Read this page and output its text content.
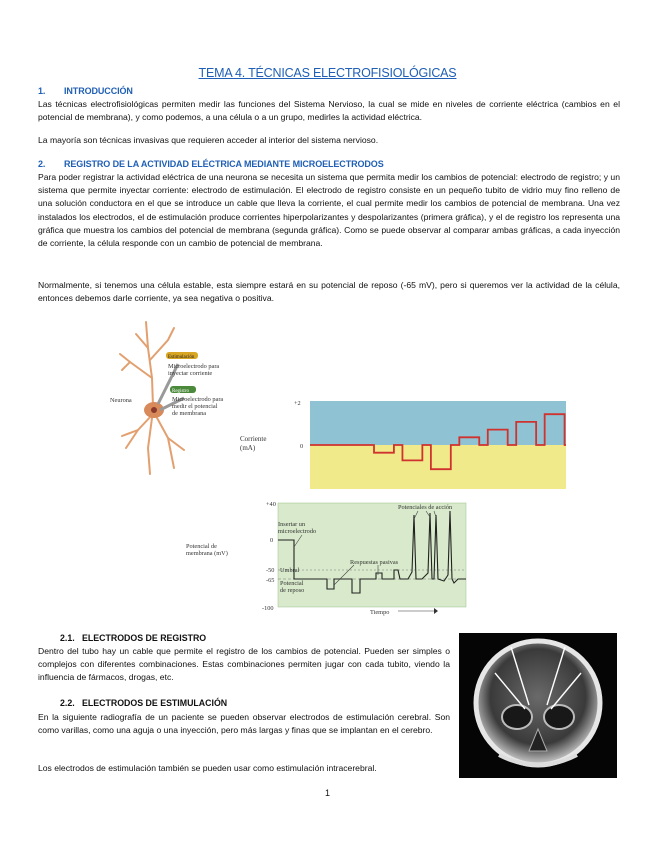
TEMA 4. TÉCNICAS ELECTROFISIOLÓGICAS
1. INTRODUCCIÓN
Las técnicas electrofisiológicas permiten medir las funciones del Sistema Nervioso, la cual se mide en niveles de corriente eléctrica (cambios en el potencial de membrana), y como podemos, a una célula o a un grupo, medirles la actividad eléctrica.
La mayoría son técnicas invasivas que requieren acceder al interior del sistema nervioso.
2. REGISTRO DE LA ACTIVIDAD ELÉCTRICA MEDIANTE MICROELECTRODOS
Para poder registrar la actividad eléctrica de una neurona se necesita un sistema que permita medir los cambios de potencial: electrodo de registro; y un sistema que permite inyectar corriente: electrodo de estimulación. El electrodo de registro consiste en un pequeño tubito de vidrio muy fino relleno de una solución conductora en el que se introduce un cable que lleva la corriente, el cual permite medir los cambios de potencial de membrana. Una vez instalados los electrodos, el de estimulación produce corrientes hiperpolarizantes y despolarizantes (primera gráfica), y el de registro los representa una gráfica que muestra los cambios del potencial de membrana (segunda gráfica). Como se puede observar al comparar ambas gráficas, a cada inyección de corriente, la célula responde con un cambio de potencial de membrana.
Normalmente, si tenemos una célula estable, esta siempre estará en su potencial de reposo (-65 mV), pero si queremos ver la actividad de la célula, entonces debemos darle corriente, ya sea negativa o positiva.
Neurona
Estimulación
Microelectrodo para
inyectar corriente
Registro
Microelectrodo para
medir el potencial
de membrana
Corriente
(mA)
+2
0
+40
0
-50
-65
-100
Potencial de
membrana (mV)
Insertar un
microelectrodo
Umbral
Potencial
de reposo
Respuestas pasivas
Potenciales de acción
Tiempo
2.1. ELECTRODOS DE REGISTRO
Dentro del tubo hay un cable que permite el registro de los cambios de potencial. Pueden ser simples o complejos con diferentes combinaciones. Estas combinaciones permiten jugar con cada tubito, viendo la influencia de fármacos, drogas, etc.
2.2. ELECTRODOS DE ESTIMULACIÓN
En la siguiente radiografía de un paciente se pueden observar electrodos de estimulación cerebral. Son como varillas, como una aguja o una inyección, pero más largas y finas que se implantan en el cerebro.
Los electrodos de estimulación también se pueden usar como estimulación intracerebral.
1
